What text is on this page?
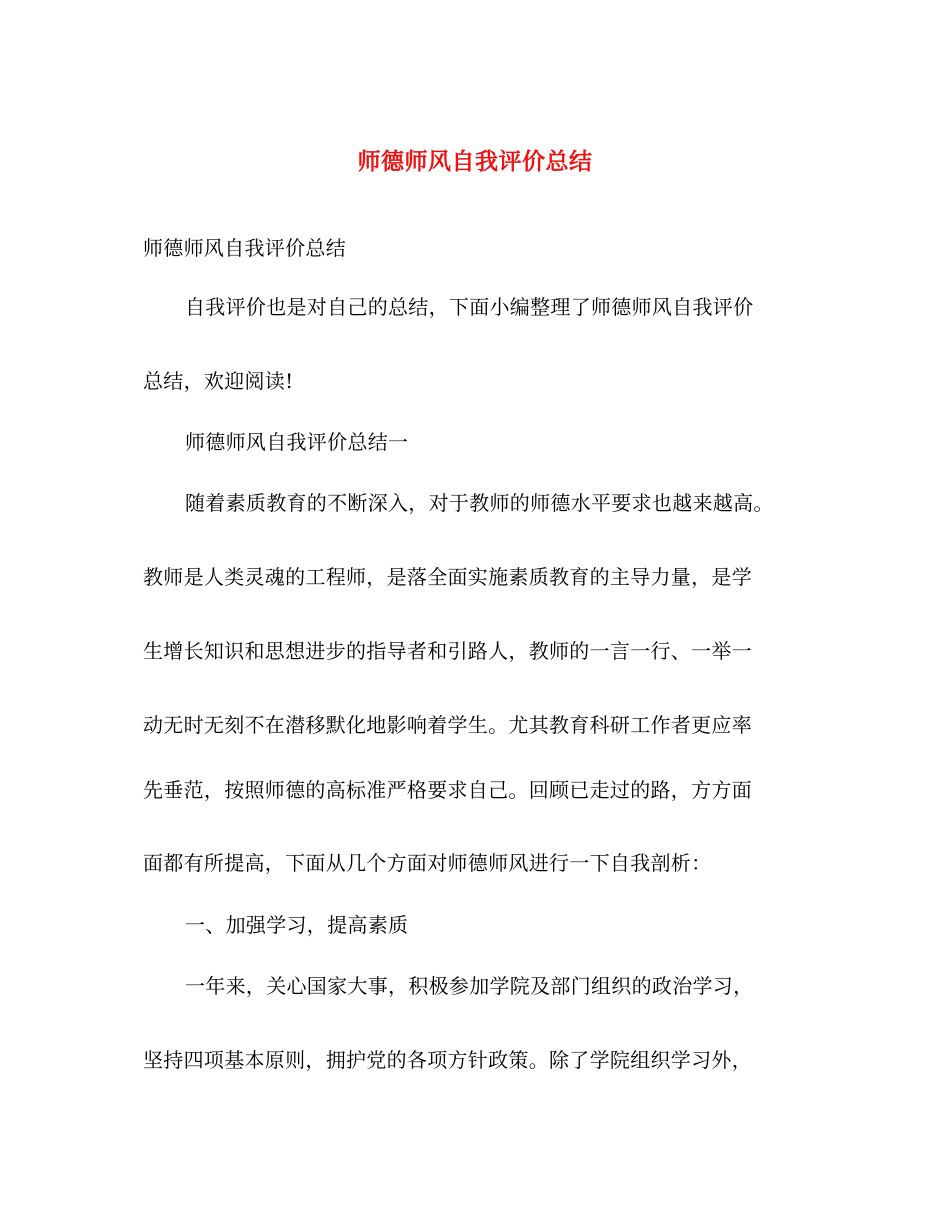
师德师风自我评价总结
师德师风自我评价总结
自我评价也是对自己的总结，下面小编整理了师德师风自我评价
总结，欢迎阅读!
师德师风自我评价总结一
随着素质教育的不断深入，对于教师的师德水平要求也越来越高。
教师是人类灵魂的工程师，是落全面实施素质教育的主导力量，是学
生增长知识和思想进步的指导者和引路人，教师的一言一行、一举一
动无时无刻不在潜移默化地影响着学生。尤其教育科研工作者更应率
先垂范，按照师德的高标准严格要求自己。回顾已走过的路，方方面
面都有所提高，下面从几个方面对师德师风进行一下自我剖析：
一、加强学习，提高素质
一年来，关心国家大事，积极参加学院及部门组织的政治学习，
坚持四项基本原则，拥护党的各项方针政策。除了学院组织学习外，
